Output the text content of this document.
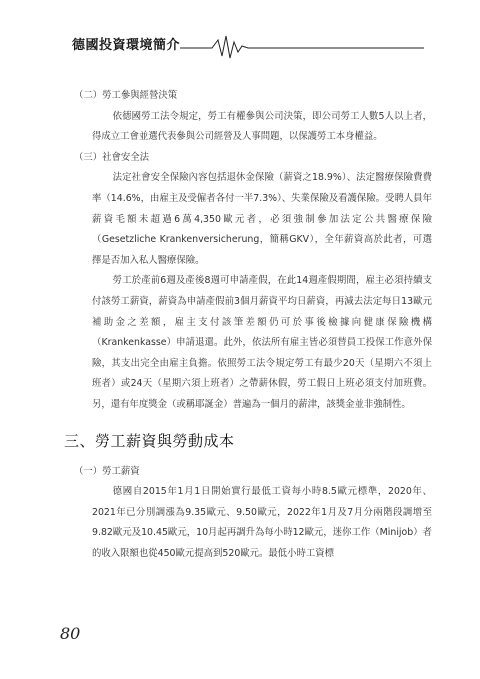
德國投資環境簡介

（二）勞工參與經營決策

依德國勞工法令規定，勞工有權參與公司決策，即公司勞工人數5人以上者，得成立工會並選代表參與公司經營及人事問題，以保護勞工本身權益。

（三）社會安全法

法定社會安全保險內容包括退休金保險（薪資之18.9%）、法定醫療保險費費率（14.6%，由雇主及受僱者各付一半7.3%）、失業保險及看護保險。受聘人員年薪資毛額未超過6萬4,350歐元者，必須強制參加法定公共醫療保險（Gesetzliche Krankenversicherung，簡稱GKV），全年薪資高於此者，可選擇是否加入私人醫療保險。

勞工於產前6週及產後8週可申請產假，在此14週產假期間，雇主必須持續支付該勞工薪資，薪資為申請產假前3個月薪資平均日薪資，再減去法定每日13歐元補助金之差額，雇主支付該筆差額仍可於事後檢據向健康保險機構（Krankenkasse）申請退還。此外，依法所有雇主皆必須替員工投保工作意外保險，其支出完全由雇主負擔。依照勞工法令規定勞工有最少20天（星期六不須上班者）或24天（星期六須上班者）之帶薪休假，勞工假日上班必須支付加班費。另，還有年度獎金（或稱耶誕金）普遍為一個月的薪津，該獎金並非強制性。

三、勞工薪資與勞動成本

（一）勞工薪資

德國自2015年1月1日開始實行最低工資每小時8.5歐元標準，2020年、2021年已分別調漲為9.35歐元、9.50歐元，2022年1月及7月分兩階段調增至9.82歐元及10.45歐元，10月起再調升為每小時12歐元，迷你工作（Minijob）者的收入限額也從450歐元提高到520歐元。最低小時工資標

80
